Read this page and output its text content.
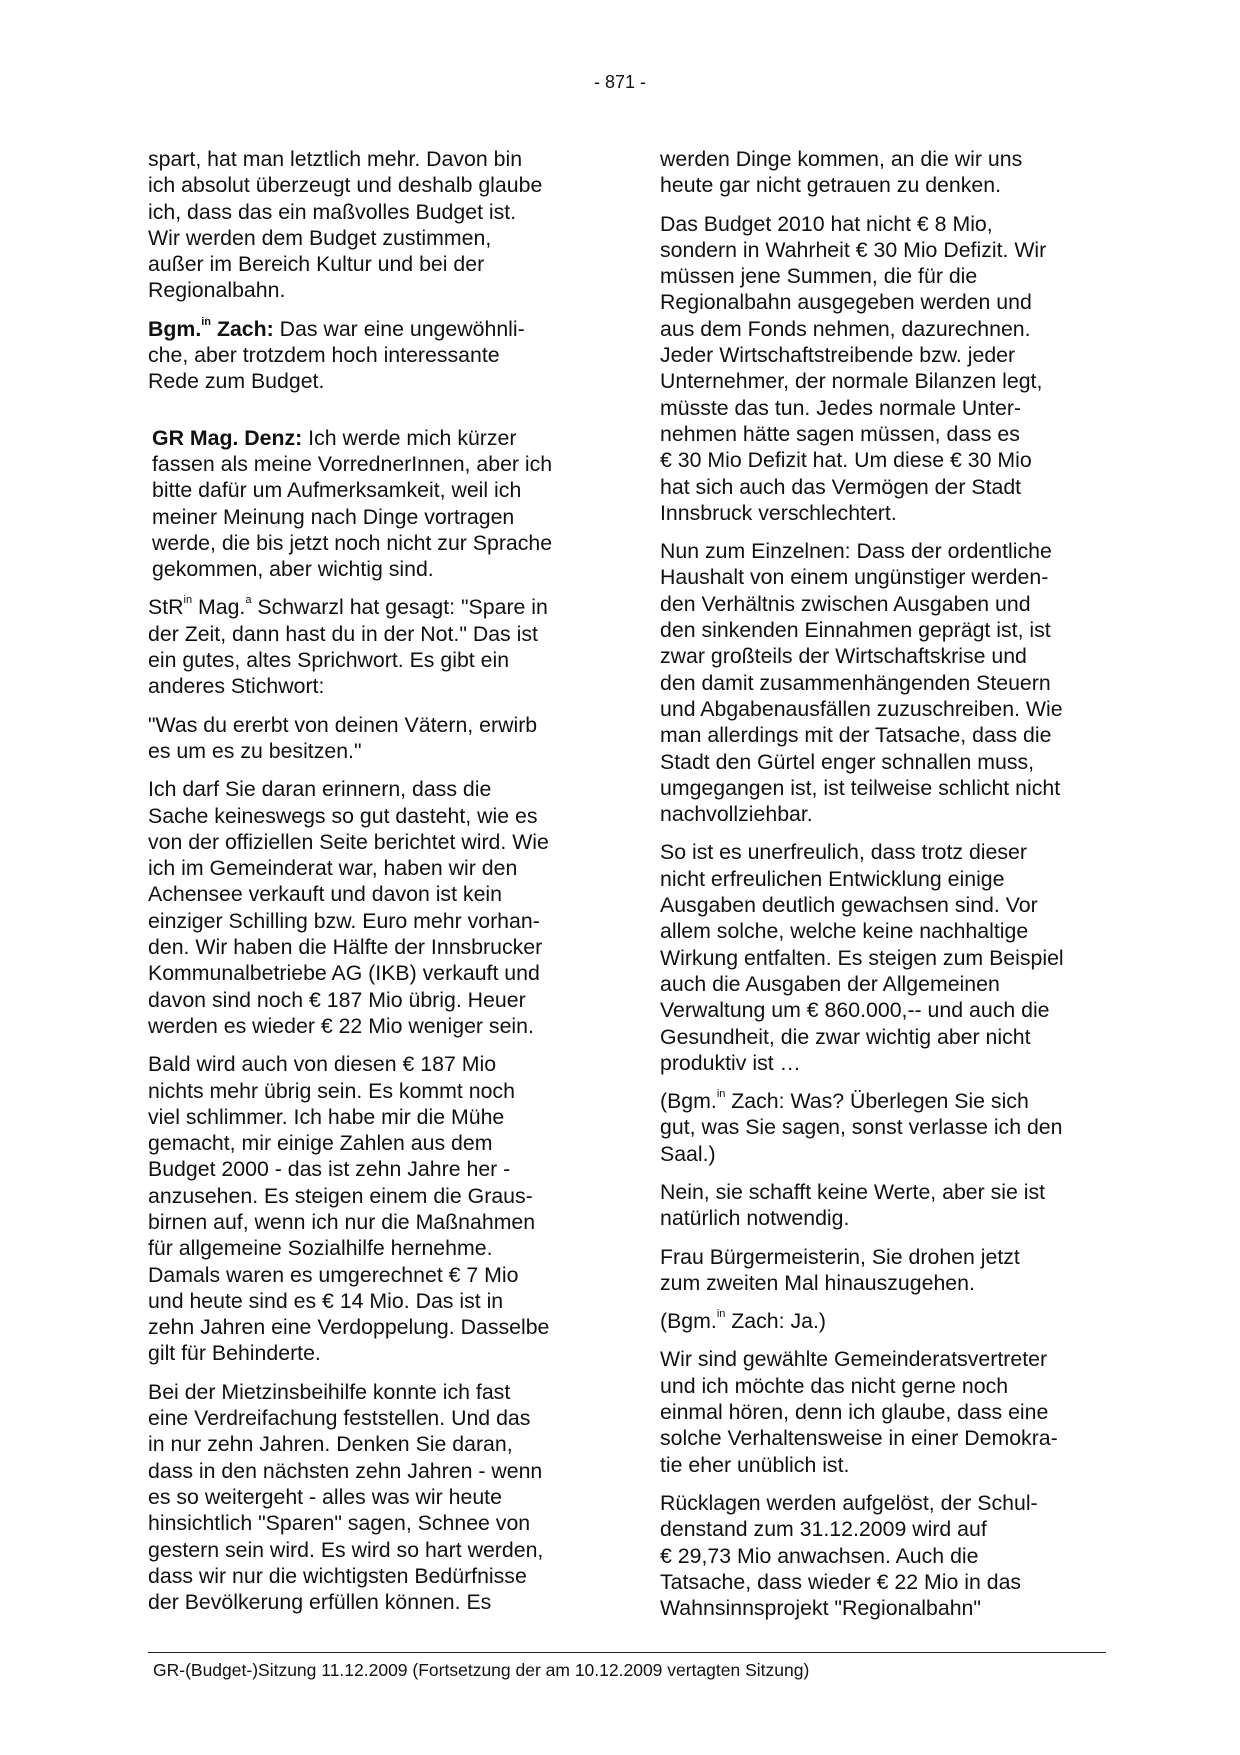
- 871 -

spart, hat man letztlich mehr. Davon bin
ich absolut überzeugt und deshalb glaube
ich, dass das ein maßvolles Budget ist.
Wir werden dem Budget zustimmen,
außer im Bereich Kultur und bei der
Regionalbahn.

Bgm.$^{in}$ Zach: Das war eine ungewöhnli-
che, aber trotzdem hoch interessante
Rede zum Budget.

GR Mag. Denz: Ich werde mich kürzer
fassen als meine VorrednerInnen, aber ich
bitte dafür um Aufmerksamkeit, weil ich
meiner Meinung nach Dinge vortragen
werde, die bis jetzt noch nicht zur Sprache
gekommen, aber wichtig sind.

StR$^{in}$ Mag.$^a$ Schwarzl hat gesagt: "Spare in
der Zeit, dann hast du in der Not." Das ist
ein gutes, altes Sprichwort. Es gibt ein
anderes Stichwort:

"Was du ererbt von deinen Vätern, erwirb
es um es zu besitzen."

Ich darf Sie daran erinnern, dass die
Sache keineswegs so gut dasteht, wie es
von der offiziellen Seite berichtet wird. Wie
ich im Gemeinderat war, haben wir den
Achensee verkauft und davon ist kein
einziger Schilling bzw. Euro mehr vorhan-
den. Wir haben die Hälfte der Innsbrucker
Kommunalbetriebe AG (IKB) verkauft und
davon sind noch € 187 Mio übrig. Heuer
werden es wieder € 22 Mio weniger sein.

Bald wird auch von diesen € 187 Mio
nichts mehr übrig sein. Es kommt noch
viel schlimmer. Ich habe mir die Mühe
gemacht, mir einige Zahlen aus dem
Budget 2000 - das ist zehn Jahre her -
anzusehen. Es steigen einem die Graus-
birnen auf, wenn ich nur die Maßnahmen
für allgemeine Sozialhilfe hernehme.
Damals waren es umgerechnet € 7 Mio
und heute sind es € 14 Mio. Das ist in
zehn Jahren eine Verdoppelung. Dasselbe
gilt für Behinderte.

Bei der Mietzinsbeihilfe konnte ich fast
eine Verdreifachung feststellen. Und das
in nur zehn Jahren. Denken Sie daran,
dass in den nächsten zehn Jahren - wenn
es so weitergeht - alles was wir heute
hinsichtlich "Sparen" sagen, Schnee von
gestern sein wird. Es wird so hart werden,
dass wir nur die wichtigsten Bedürfnisse
der Bevölkerung erfüllen können. Es

werden Dinge kommen, an die wir uns
heute gar nicht getrauen zu denken.

Das Budget 2010 hat nicht € 8 Mio,
sondern in Wahrheit € 30 Mio Defizit. Wir
müssen jene Summen, die für die
Regionalbahn ausgegeben werden und
aus dem Fonds nehmen, dazurechnen.
Jeder Wirtschaftstreibende bzw. jeder
Unternehmer, der normale Bilanzen legt,
müsste das tun. Jedes normale Unter-
nehmen hätte sagen müssen, dass es
€ 30 Mio Defizit hat. Um diese € 30 Mio
hat sich auch das Vermögen der Stadt
Innsbruck verschlechtert.

Nun zum Einzelnen: Dass der ordentliche
Haushalt von einem ungünstiger werden-
den Verhältnis zwischen Ausgaben und
den sinkenden Einnahmen geprägt ist, ist
zwar großteils der Wirtschaftskrise und
den damit zusammenhängenden Steuern
und Abgabenausfällen zuzuschreiben. Wie
man allerdings mit der Tatsache, dass die
Stadt den Gürtel enger schnallen muss,
umgegangen ist, ist teilweise schlicht nicht
nachvollziehbar.

So ist es unerfreulich, dass trotz dieser
nicht erfreulichen Entwicklung einige
Ausgaben deutlich gewachsen sind. Vor
allem solche, welche keine nachhaltige
Wirkung entfalten. Es steigen zum Beispiel
auch die Ausgaben der Allgemeinen
Verwaltung um € 860.000,-- und auch die
Gesundheit, die zwar wichtig aber nicht
produktiv ist …

(Bgm.$^{in}$ Zach: Was? Überlegen Sie sich
gut, was Sie sagen, sonst verlasse ich den
Saal.)

Nein, sie schafft keine Werte, aber sie ist
natürlich notwendig.

Frau Bürgermeisterin, Sie drohen jetzt
zum zweiten Mal hinauszugehen.

(Bgm.$^{in}$ Zach: Ja.)

Wir sind gewählte Gemeinderatsvertreter
und ich möchte das nicht gerne noch
einmal hören, denn ich glaube, dass eine
solche Verhaltensweise in einer Demokra-
tie eher unüblich ist.

Rücklagen werden aufgelöst, der Schul-
denstand zum 31.12.2009 wird auf
€ 29,73 Mio anwachsen. Auch die
Tatsache, dass wieder € 22 Mio in das
Wahnsinnsprojekt "Regionalbahn"

GR-(Budget-)Sitzung 11.12.2009 (Fortsetzung der am 10.12.2009 vertagten Sitzung)
